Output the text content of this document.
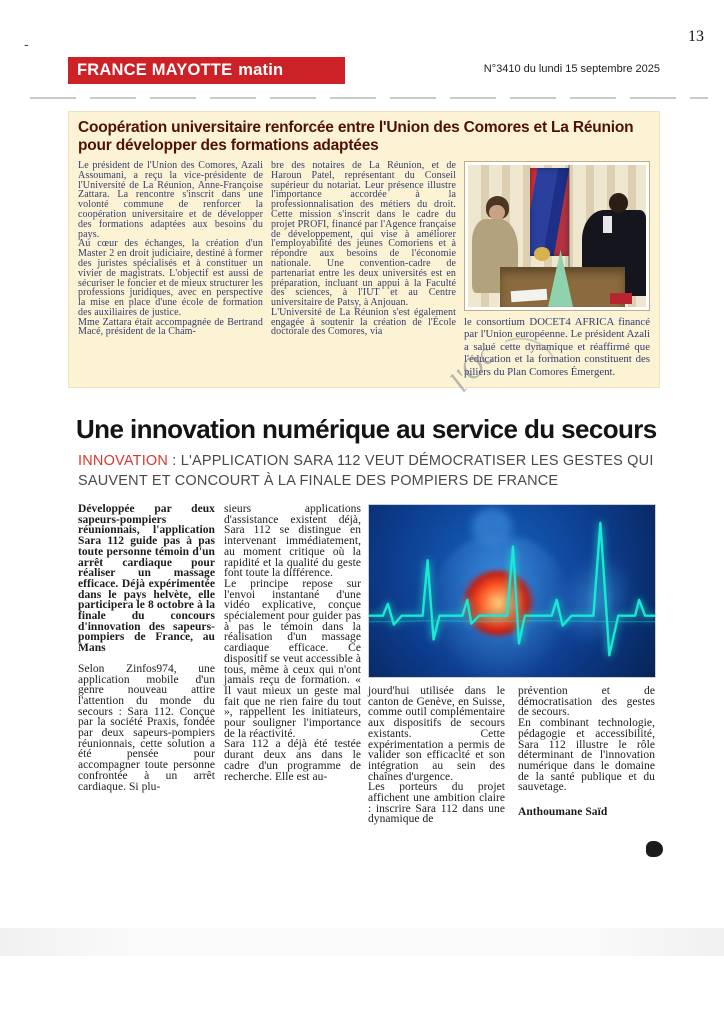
-	13
FRANCE MAYOTTE matin	N°3410 du lundi 15 septembre 2025
Coopération universitaire renforcée entre l'Union des Comores et La Réunion pour développer des formations adaptées

Le président de l'Union des Comores, Azali Assoumani, a reçu la vice-présidente de l'Université de La Réunion, Anne-Françoise Zattara. La rencontre s'inscrit dans une volonté commune de renforcer la coopération universitaire et de développer des formations adaptées aux besoins du pays.

Au cœur des échanges, la création d'un Master 2 en droit judiciaire, destiné à former des juristes spécialisés et à constituer un vivier de magistrats. L'objectif est aussi de sécuriser le foncier et de mieux structurer les professions juridiques, avec en perspective la mise en place d'une école de formation des auxiliaires de justice.

Mme Zattara était accompagnée de Bertrand Macé, président de la Cham-

bre des notaires de La Réunion, et de Haroun Patel, représentant du Conseil supérieur du notariat. Leur présence illustre l'importance accordée à la professionnalisation des métiers du droit. Cette mission s'inscrit dans le cadre du projet PROFI, financé par l'Agence française de développement, qui vise à améliorer l'employabilité des jeunes Comoriens et à répondre aux besoins de l'économie nationale. Une convention-cadre de partenariat entre les deux universités est en préparation, incluant un appui à la Faculté des sciences, à l'IUT et au Centre universitaire de Patsy, à Anjouan.

L'Université de La Réunion s'est également engagée à soutenir la création de l'École doctorale des Comores, via

le consortium DOCET4 AFRICA financé par l'Union européenne. Le président Azali a salué cette dynamique et réaffirmé que l'éducation et la formation constituent des piliers du Plan Comores Émergent.

l'Oc
Une innovation numérique au service du secours

INNOVATION : L'APPLICATION SARA 112 VEUT DÉMOCRATISER LES GESTES QUI SAUVENT ET CONCOURT À LA FINALE DES POMPIERS DE FRANCE

Développée par deux sapeurs-pompiers réunionnais, l'application Sara 112 guide pas à pas toute personne témoin d'un arrêt cardiaque pour réaliser un massage efficace. Déjà expérimentée dans le pays helvète, elle participera le 8 octobre à la finale du concours d'innovation des sapeurs-pompiers de France, au Mans

Selon Zinfos974, une application mobile d'un genre nouveau attire l'attention du monde du secours : Sara 112. Conçue par la société Praxis, fondée par deux sapeurs-pompiers réunionnais, cette solution a été pensée pour accompagner toute personne confrontée à un arrêt cardiaque. Si plu-

sieurs applications d'assistance existent déjà, Sara 112 se distingue en intervenant immédiatement, au moment critique où la rapidité et la qualité du geste font toute la différence.

Le principe repose sur l'envoi instantané d'une vidéo explicative, conçue spécialement pour guider pas à pas le témoin dans la réalisation d'un massage cardiaque efficace. Ce dispositif se veut accessible à tous, même à ceux qui n'ont jamais reçu de formation. « Il vaut mieux un geste mal fait que ne rien faire du tout », rappellent les initiateurs, pour souligner l'importance de la réactivité.

Sara 112 a déjà été testée durant deux ans dans le cadre d'un programme de recherche. Elle est au-

jourd'hui utilisée dans le canton de Genève, en Suisse, comme outil complémentaire aux dispositifs de secours existants. Cette expérimentation a permis de valider son efficacité et son intégration au sein des chaînes d'urgence.

Les porteurs du projet affichent une ambition claire : inscrire Sara 112 dans une dynamique de

prévention et de démocratisation des gestes de secours.

En combinant technologie, pédagogie et accessibilité, Sara 112 illustre le rôle déterminant de l'innovation numérique dans le domaine de la santé publique et du sauvetage.

Anthoumane Saïd
